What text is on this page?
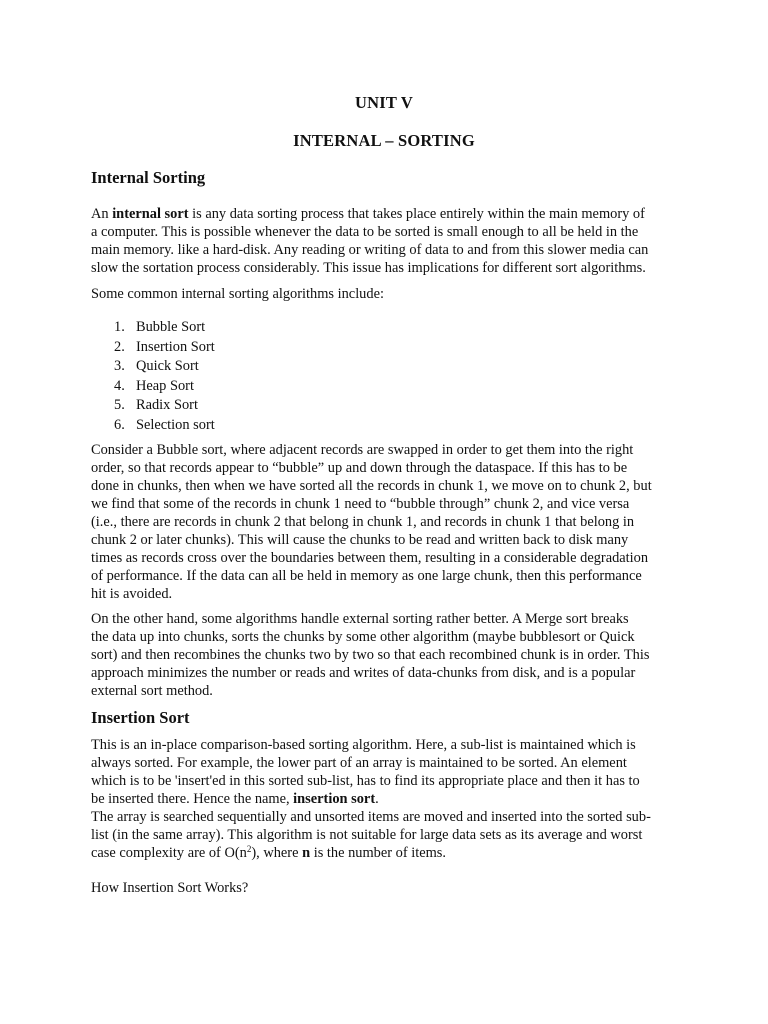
UNIT V
INTERNAL – SORTING
Internal Sorting

An internal sort is any data sorting process that takes place entirely within the main memory of
a computer. This is possible whenever the data to be sorted is small enough to all be held in the
main memory. like a hard-disk. Any reading or writing of data to and from this slower media can
slow the sortation process considerably. This issue has implications for different sort algorithms.

Some common internal sorting algorithms include:

1. Bubble Sort
2. Insertion Sort
3. Quick Sort
4. Heap Sort
5. Radix Sort
6. Selection sort

Consider a Bubble sort, where adjacent records are swapped in order to get them into the right
order, so that records appear to “bubble” up and down through the dataspace. If this has to be
done in chunks, then when we have sorted all the records in chunk 1, we move on to chunk 2, but
we find that some of the records in chunk 1 need to “bubble through” chunk 2, and vice versa
(i.e., there are records in chunk 2 that belong in chunk 1, and records in chunk 1 that belong in
chunk 2 or later chunks). This will cause the chunks to be read and written back to disk many
times as records cross over the boundaries between them, resulting in a considerable degradation
of performance. If the data can all be held in memory as one large chunk, then this performance
hit is avoided.

On the other hand, some algorithms handle external sorting rather better. A Merge sort breaks
the data up into chunks, sorts the chunks by some other algorithm (maybe bubblesort or Quick
sort) and then recombines the chunks two by two so that each recombined chunk is in order. This
approach minimizes the number or reads and writes of data-chunks from disk, and is a popular
external sort method.

Insertion Sort

This is an in-place comparison-based sorting algorithm. Here, a sub-list is maintained which is
always sorted. For example, the lower part of an array is maintained to be sorted. An element
which is to be 'insert'ed in this sorted sub-list, has to find its appropriate place and then it has to
be inserted there. Hence the name, insertion sort.
The array is searched sequentially and unsorted items are moved and inserted into the sorted sub-
list (in the same array). This algorithm is not suitable for large data sets as its average and worst
case complexity are of $O(n^2)$, where n is the number of items.

How Insertion Sort Works?
